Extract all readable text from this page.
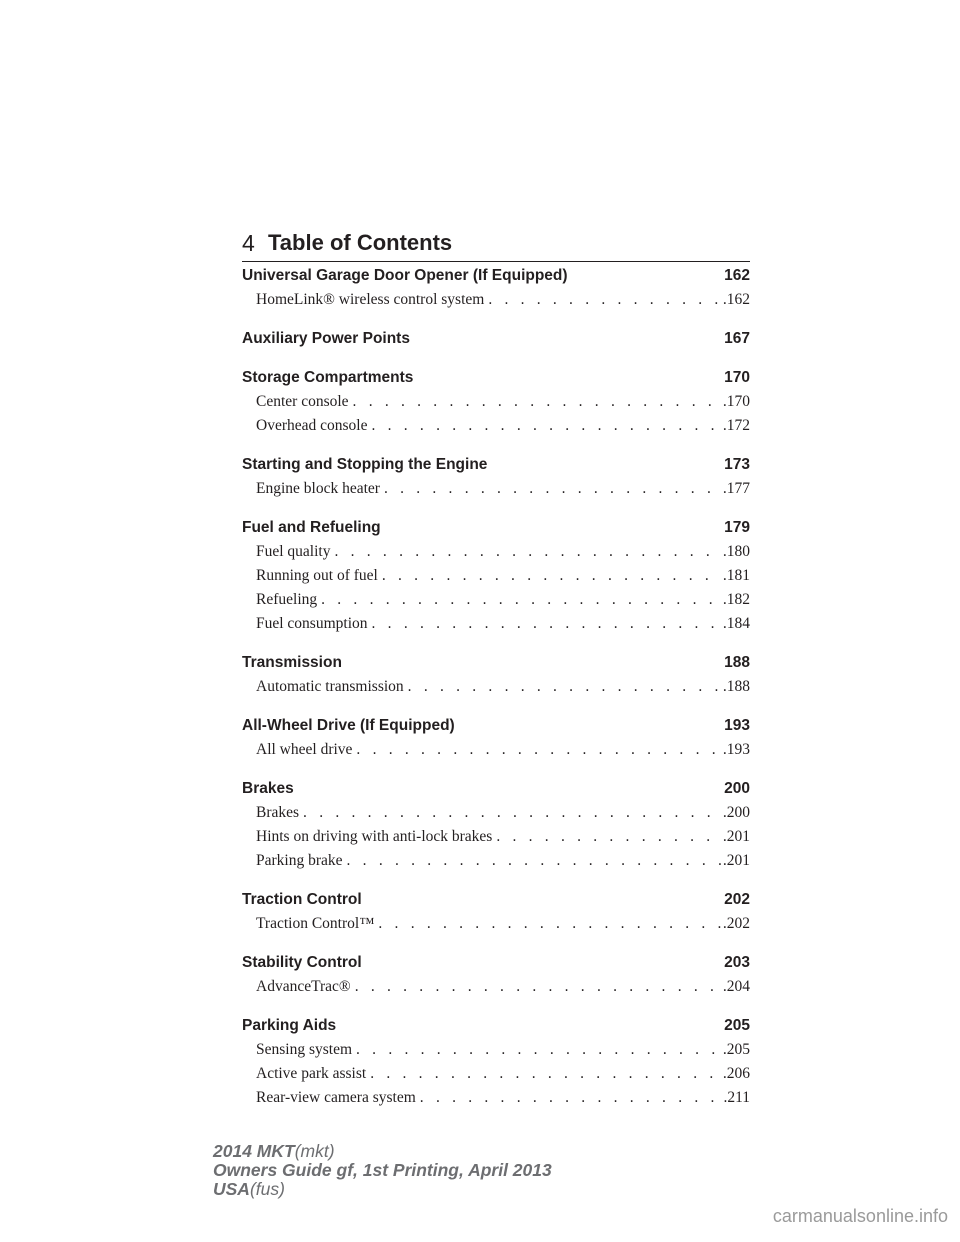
4 Table of Contents
Universal Garage Door Opener (If Equipped)	162
HomeLink® wireless control system . . .	.162
Auxiliary Power Points	167
Storage Compartments	170
Center console . . .	.170
Overhead console . . .	.172
Starting and Stopping the Engine	173
Engine block heater . . .	.177
Fuel and Refueling	179
Fuel quality . . .	.180
Running out of fuel . . .	.181
Refueling . . .	.182
Fuel consumption . . .	.184
Transmission	188
Automatic transmission . . .	.188
All-Wheel Drive (If Equipped)	193
All wheel drive . . .	.193
Brakes	200
Brakes . . .	.200
Hints on driving with anti-lock brakes . . .	.201
Parking brake . . .	.201
Traction Control	202
Traction Control™ . . .	.202
Stability Control	203
AdvanceTrac® . . .	.204
Parking Aids	205
Sensing system . . .	.205
Active park assist . . .	.206
Rear-view camera system . . .	.211
2014 MKT(mkt)
Owners Guide gf, 1st Printing, April 2013
USA(fus)
carmanualsonline.info
